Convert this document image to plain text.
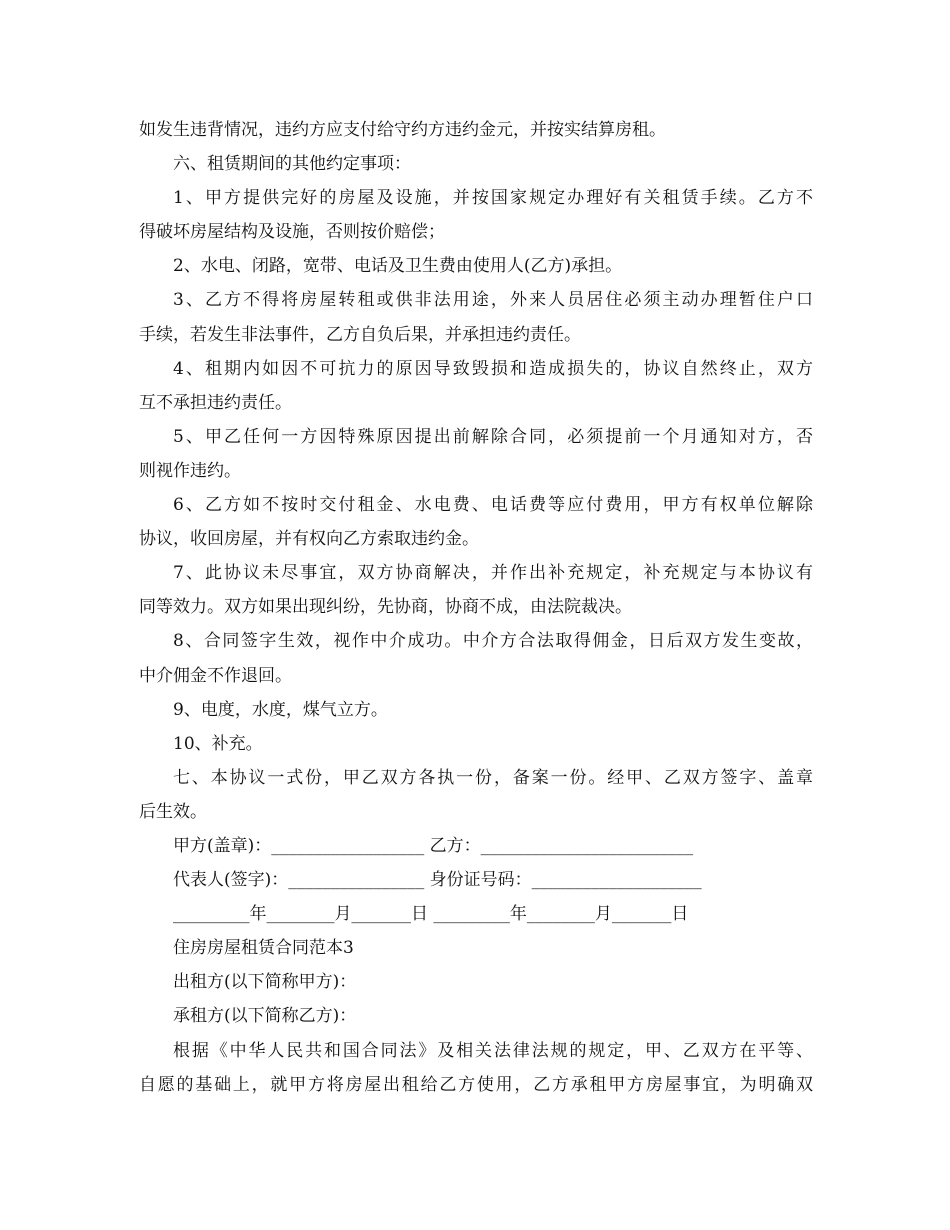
如发生违背情况，违约方应支付给守约方违约金元，并按实结算房租。
六、租赁期间的其他约定事项：
1、甲方提供完好的房屋及设施，并按国家规定办理好有关租赁手续。乙方不
得破坏房屋结构及设施，否则按价赔偿；
2、水电、闭路，宽带、电话及卫生费由使用人(乙方)承担。
3、乙方不得将房屋转租或供非法用途，外来人员居住必须主动办理暂住户口
手续，若发生非法事件，乙方自负后果，并承担违约责任。
4、租期内如因不可抗力的原因导致毁损和造成损失的，协议自然终止，双方
互不承担违约责任。
5、甲乙任何一方因特殊原因提出前解除合同，必须提前一个月通知对方，否
则视作违约。
6、乙方如不按时交付租金、水电费、电话费等应付费用，甲方有权单位解除
协议，收回房屋，并有权向乙方索取违约金。
7、此协议未尽事宜，双方协商解决，并作出补充规定，补充规定与本协议有
同等效力。双方如果出现纠纷，先协商，协商不成，由法院裁决。
8、合同签字生效，视作中介成功。中介方合法取得佣金，日后双方发生变故，
中介佣金不作退回。
9、电度，水度，煤气立方。
10、补充。
七、本协议一式份，甲乙双方各执一份，备案一份。经甲、乙双方签字、盖章
后生效。
甲方(盖章)：__________________ 乙方：_________________________
代表人(签字)：________________ 身份证号码：____________________
_________年________月_______日 _________年________月_______日
住房房屋租赁合同范本3
出租方(以下简称甲方)：
承租方(以下简称乙方)：
根据《中华人民共和国合同法》及相关法律法规的规定，甲、乙双方在平等、
自愿的基础上，就甲方将房屋出租给乙方使用，乙方承租甲方房屋事宜，为明确双
